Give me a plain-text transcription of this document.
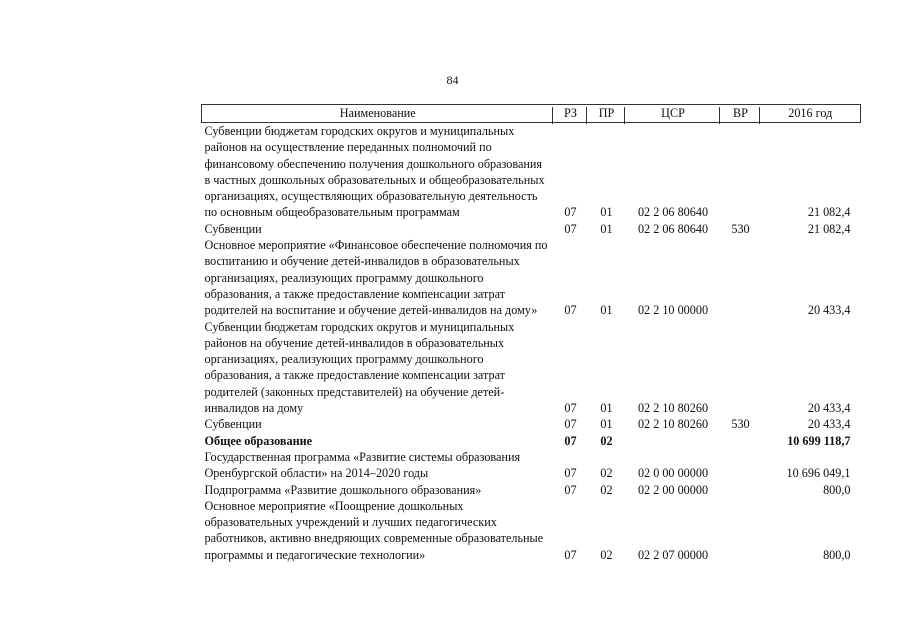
84
Наименование	РЗ	ПР	ЦСР	ВР	2016 год
Субвенции бюджетам городских округов и муниципальных районов на осуществление переданных полномочий по финансовому обеспечению получения дошкольного образования в частных дошкольных образовательных и общеобразовательных организациях, осуществляющих образовательную деятельность по основным общеобразовательным программам	07	01	02 2 06 80640		21 082,4
Субвенции	07	01	02 2 06 80640	530	21 082,4
Основное мероприятие «Финансовое обеспечение полномочия по воспитанию и обучение детей-инвалидов в образовательных организациях, реализующих программу дошкольного образования, а также предоставление компенсации затрат родителей на воспитание и обучение детей-инвалидов на дому»	07	01	02 2 10 00000		20 433,4
Субвенции бюджетам городских округов и муниципальных районов на обучение детей-инвалидов в образовательных организациях, реализующих программу дошкольного образования, а также предоставление компенсации затрат родителей (законных представителей) на обучение детей-инвалидов на дому	07	01	02 2 10 80260		20 433,4
Субвенции	07	01	02 2 10 80260	530	20 433,4
Общее образование	07	02			10 699 118,7
Государственная программа «Развитие системы образования Оренбургской области» на 2014–2020 годы	07	02	02 0 00 00000		10 696 049,1
Подпрограмма «Развитие дошкольного образования»	07	02	02 2 00 00000		800,0
Основное мероприятие «Поощрение дошкольных образовательных учреждений и лучших педагогических работников, активно внедряющих современные образовательные программы и педагогические технологии»	07	02	02 2 07 00000		800,0
